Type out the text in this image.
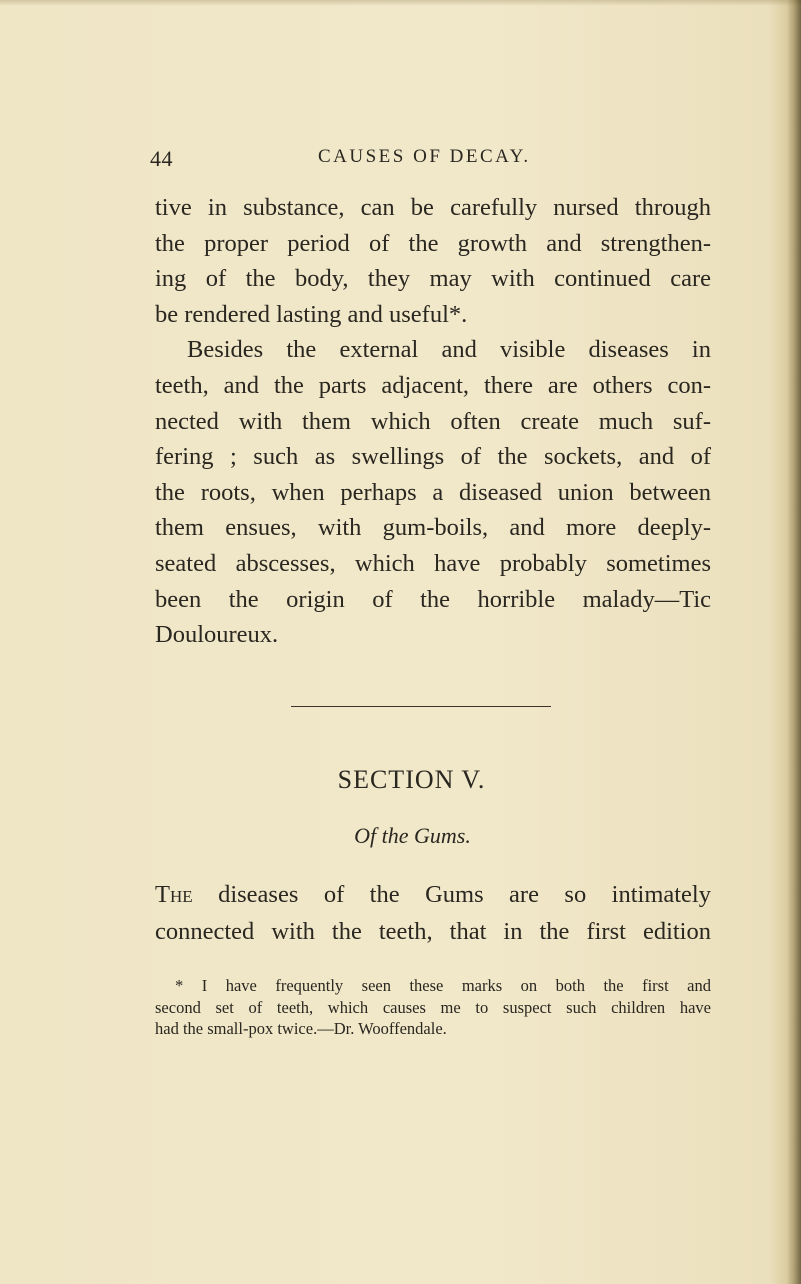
44	CAUSES OF DECAY.
tive in substance, can be carefully nursed through
the proper period of the growth and strengthen-
ing of the body, they may with continued care
be rendered lasting and useful*.
Besides the external and visible diseases in
teeth, and the parts adjacent, there are others con-
nected with them which often create much suf-
fering ; such as swellings of the sockets, and of
the roots, when perhaps a diseased union between
them ensues, with gum-boils, and more deeply-
seated abscesses, which have probably sometimes
been the origin of the horrible malady—Tic
Douloureux.
SECTION V.
Of the Gums.
The diseases of the Gums are so intimately
connected with the teeth, that in the first edition
* I have frequently seen these marks on both the first and
second set of teeth, which causes me to suspect such children have
had the small-pox twice.—Dr. Wooffendale.
